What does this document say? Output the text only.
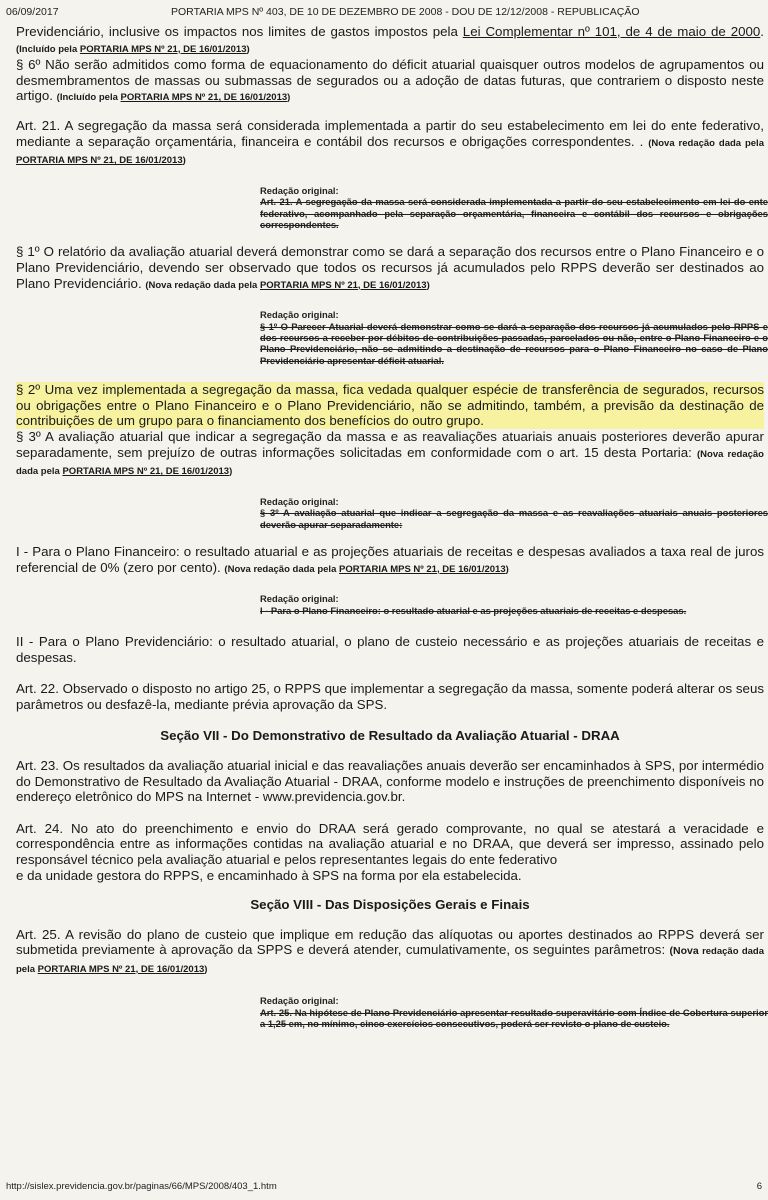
06/09/2017	PORTARIA MPS Nº 403, DE 10 DE DEZEMBRO DE 2008 - DOU DE 12/12/2008 - REPUBLICAÇÃO

Previdenciário, inclusive os impactos nos limites de gastos impostos pela Lei Complementar nº 101, de 4 de maio de 2000. (Incluído pela PORTARIA MPS Nº 21, DE 16/01/2013)

§ 6º Não serão admitidos como forma de equacionamento do déficit atuarial quaisquer outros modelos de agrupamentos ou desmembramentos de massas ou submassas de segurados ou a adoção de datas futuras, que contrariem o disposto neste artigo. (Incluído pela PORTARIA MPS Nº 21, DE 16/01/2013)

Art. 21. A segregação da massa será considerada implementada a partir do seu estabelecimento em lei do ente federativo, mediante a separação orçamentária, financeira e contábil dos recursos e obrigações correspondentes. . (Nova redação dada pela PORTARIA MPS Nº 21, DE 16/01/2013)

Redação original:
Art. 21. A segregação da massa será considerada implementada a partir do seu estabelecimento em lei do ente federativo, acompanhado pela separação orçamentária, financeira e contábil dos recursos e obrigações correspondentes.

§ 1º O relatório da avaliação atuarial deverá demonstrar como se dará a separação dos recursos entre o Plano Financeiro e o Plano Previdenciário, devendo ser observado que todos os recursos já acumulados pelo RPPS deverão ser destinados ao Plano Previdenciário. (Nova redação dada pela PORTARIA MPS Nº 21, DE 16/01/2013)

Redação original:
§ 1º O Parecer Atuarial deverá demonstrar como se dará a separação dos recursos já acumulados pelo RPPS e dos recursos a receber por débitos de contribuições passadas, parcelados ou não, entre o Plano Financeiro e o Plano Previdenciário, não se admitindo a destinação de recursos para o Plano Financeiro no caso de Plano Previdenciário apresentar déficit atuarial.

§ 2º Uma vez implementada a segregação da massa, fica vedada qualquer espécie de transferência de segurados, recursos ou obrigações entre o Plano Financeiro e o Plano Previdenciário, não se admitindo, também, a previsão da destinação de contribuições de um grupo para o financiamento dos benefícios do outro grupo.

§ 3º A avaliação atuarial que indicar a segregação da massa e as reavaliações atuariais anuais posteriores deverão apurar separadamente, sem prejuízo de outras informações solicitadas em conformidade com o art. 15 desta Portaria: (Nova redação dada pela PORTARIA MPS Nº 21, DE 16/01/2013)

Redação original:
§ 3º A avaliação atuarial que indicar a segregação da massa e as reavaliações atuariais anuais posteriores deverão apurar separadamente:

I - Para o Plano Financeiro: o resultado atuarial e as projeções atuariais de receitas e despesas avaliados a taxa real de juros referencial de 0% (zero por cento). (Nova redação dada pela PORTARIA MPS Nº 21, DE 16/01/2013)

Redação original:
I - Para o Plano Financeiro: o resultado atuarial e as projeções atuariais de receitas e despesas.

II - Para o Plano Previdenciário: o resultado atuarial, o plano de custeio necessário e as projeções atuariais de receitas e despesas.

Art. 22. Observado o disposto no artigo 25, o RPPS que implementar a segregação da massa, somente poderá alterar os seus parâmetros ou desfazê-la, mediante prévia aprovação da SPS.

Seção VII - Do Demonstrativo de Resultado da Avaliação Atuarial - DRAA

Art. 23. Os resultados da avaliação atuarial inicial e das reavaliações anuais deverão ser encaminhados à SPS, por intermédio do Demonstrativo de Resultado da Avaliação Atuarial - DRAA, conforme modelo e instruções de preenchimento disponíveis no endereço eletrônico do MPS na Internet - www.previdencia.gov.br.

Art. 24. No ato do preenchimento e envio do DRAA será gerado comprovante, no qual se atestará a veracidade e correspondência entre as informações contidas na avaliação atuarial e no DRAA, que deverá ser impresso, assinado pelo responsável técnico pela avaliação atuarial e pelos representantes legais do ente federativo

e da unidade gestora do RPPS, e encaminhado à SPS na forma por ela estabelecida.

Seção VIII - Das Disposições Gerais e Finais

Art. 25. A revisão do plano de custeio que implique em redução das alíquotas ou aportes destinados ao RPPS deverá ser submetida previamente à aprovação da SPPS e deverá atender, cumulativamente, os seguintes parâmetros: (Nova redação dada pela PORTARIA MPS Nº 21, DE 16/01/2013)

Redação original:
Art. 25. Na hipótese de Plano Previdenciário apresentar resultado superavitário com Índice de Cobertura superior a 1,25 em, no mínimo, cinco exercícios consecutivos, poderá ser revisto o plano de custeio.
http://sislex.previdencia.gov.br/paginas/66/MPS/2008/403_1.htm	6
